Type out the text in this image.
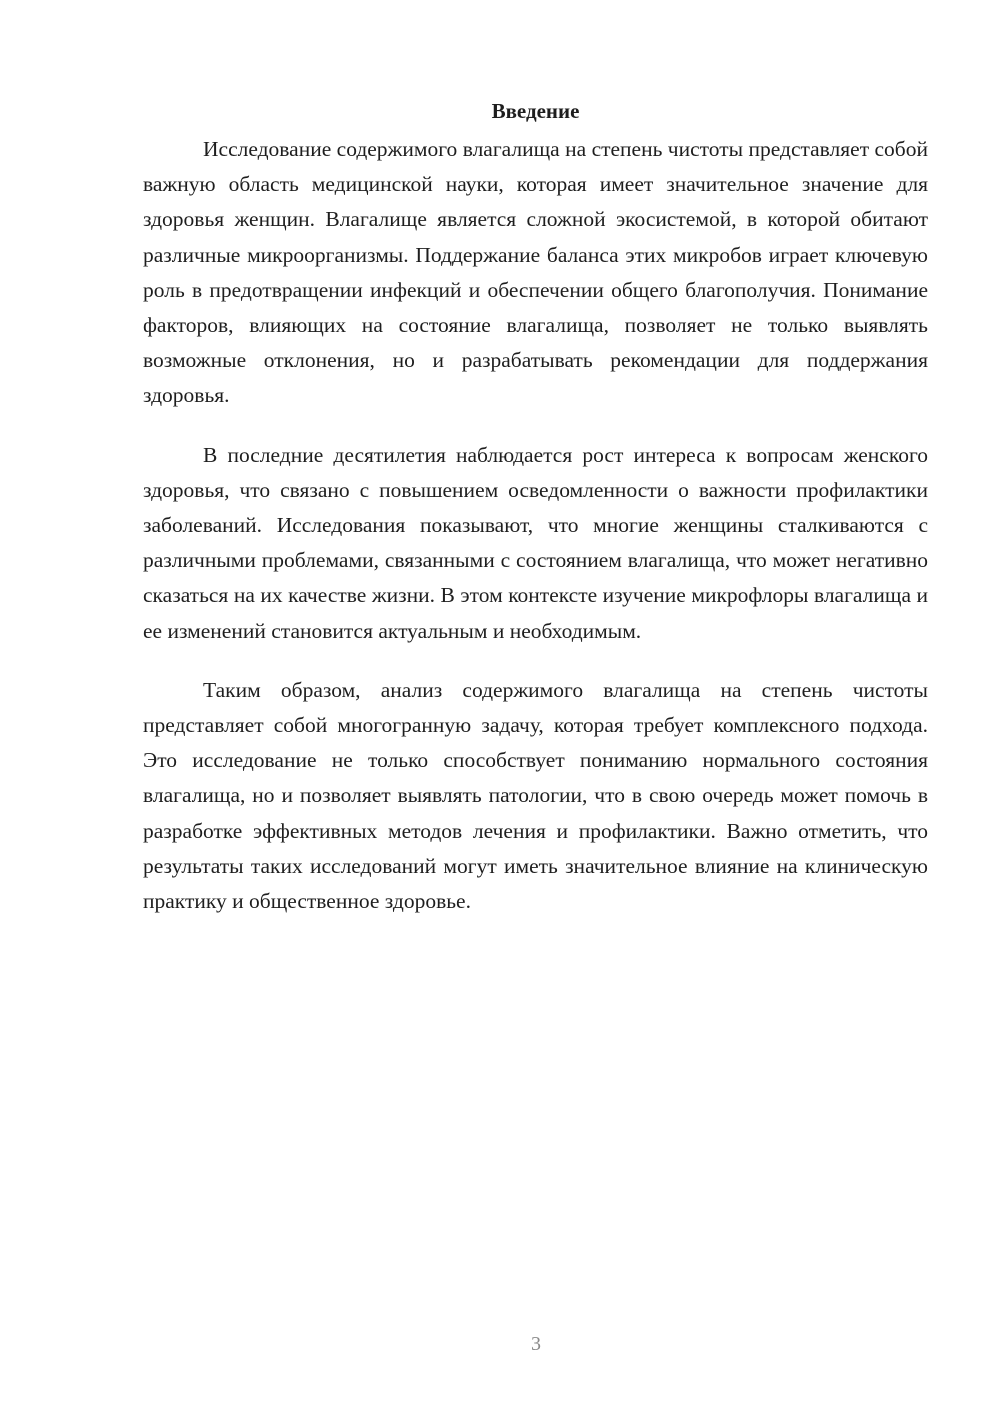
Введение

Исследование содержимого влагалища на степень чистоты представляет собой важную область медицинской науки, которая имеет значительное значение для здоровья женщин. Влагалище является сложной экосистемой, в которой обитают различные микроорганизмы. Поддержание баланса этих микробов играет ключевую роль в предотвращении инфекций и обеспечении общего благополучия. Понимание факторов, влияющих на состояние влагалища, позволяет не только выявлять возможные отклонения, но и разрабатывать рекомендации для поддержания здоровья.

В последние десятилетия наблюдается рост интереса к вопросам женского здоровья, что связано с повышением осведомленности о важности профилактики заболеваний. Исследования показывают, что многие женщины сталкиваются с различными проблемами, связанными с состоянием влагалища, что может негативно сказаться на их качестве жизни. В этом контексте изучение микрофлоры влагалища и ее изменений становится актуальным и необходимым.

Таким образом, анализ содержимого влагалища на степень чистоты представляет собой многогранную задачу, которая требует комплексного подхода. Это исследование не только способствует пониманию нормального состояния влагалища, но и позволяет выявлять патологии, что в свою очередь может помочь в разработке эффективных методов лечения и профилактики. Важно отметить, что результаты таких исследований могут иметь значительное влияние на клиническую практику и общественное здоровье.

3
